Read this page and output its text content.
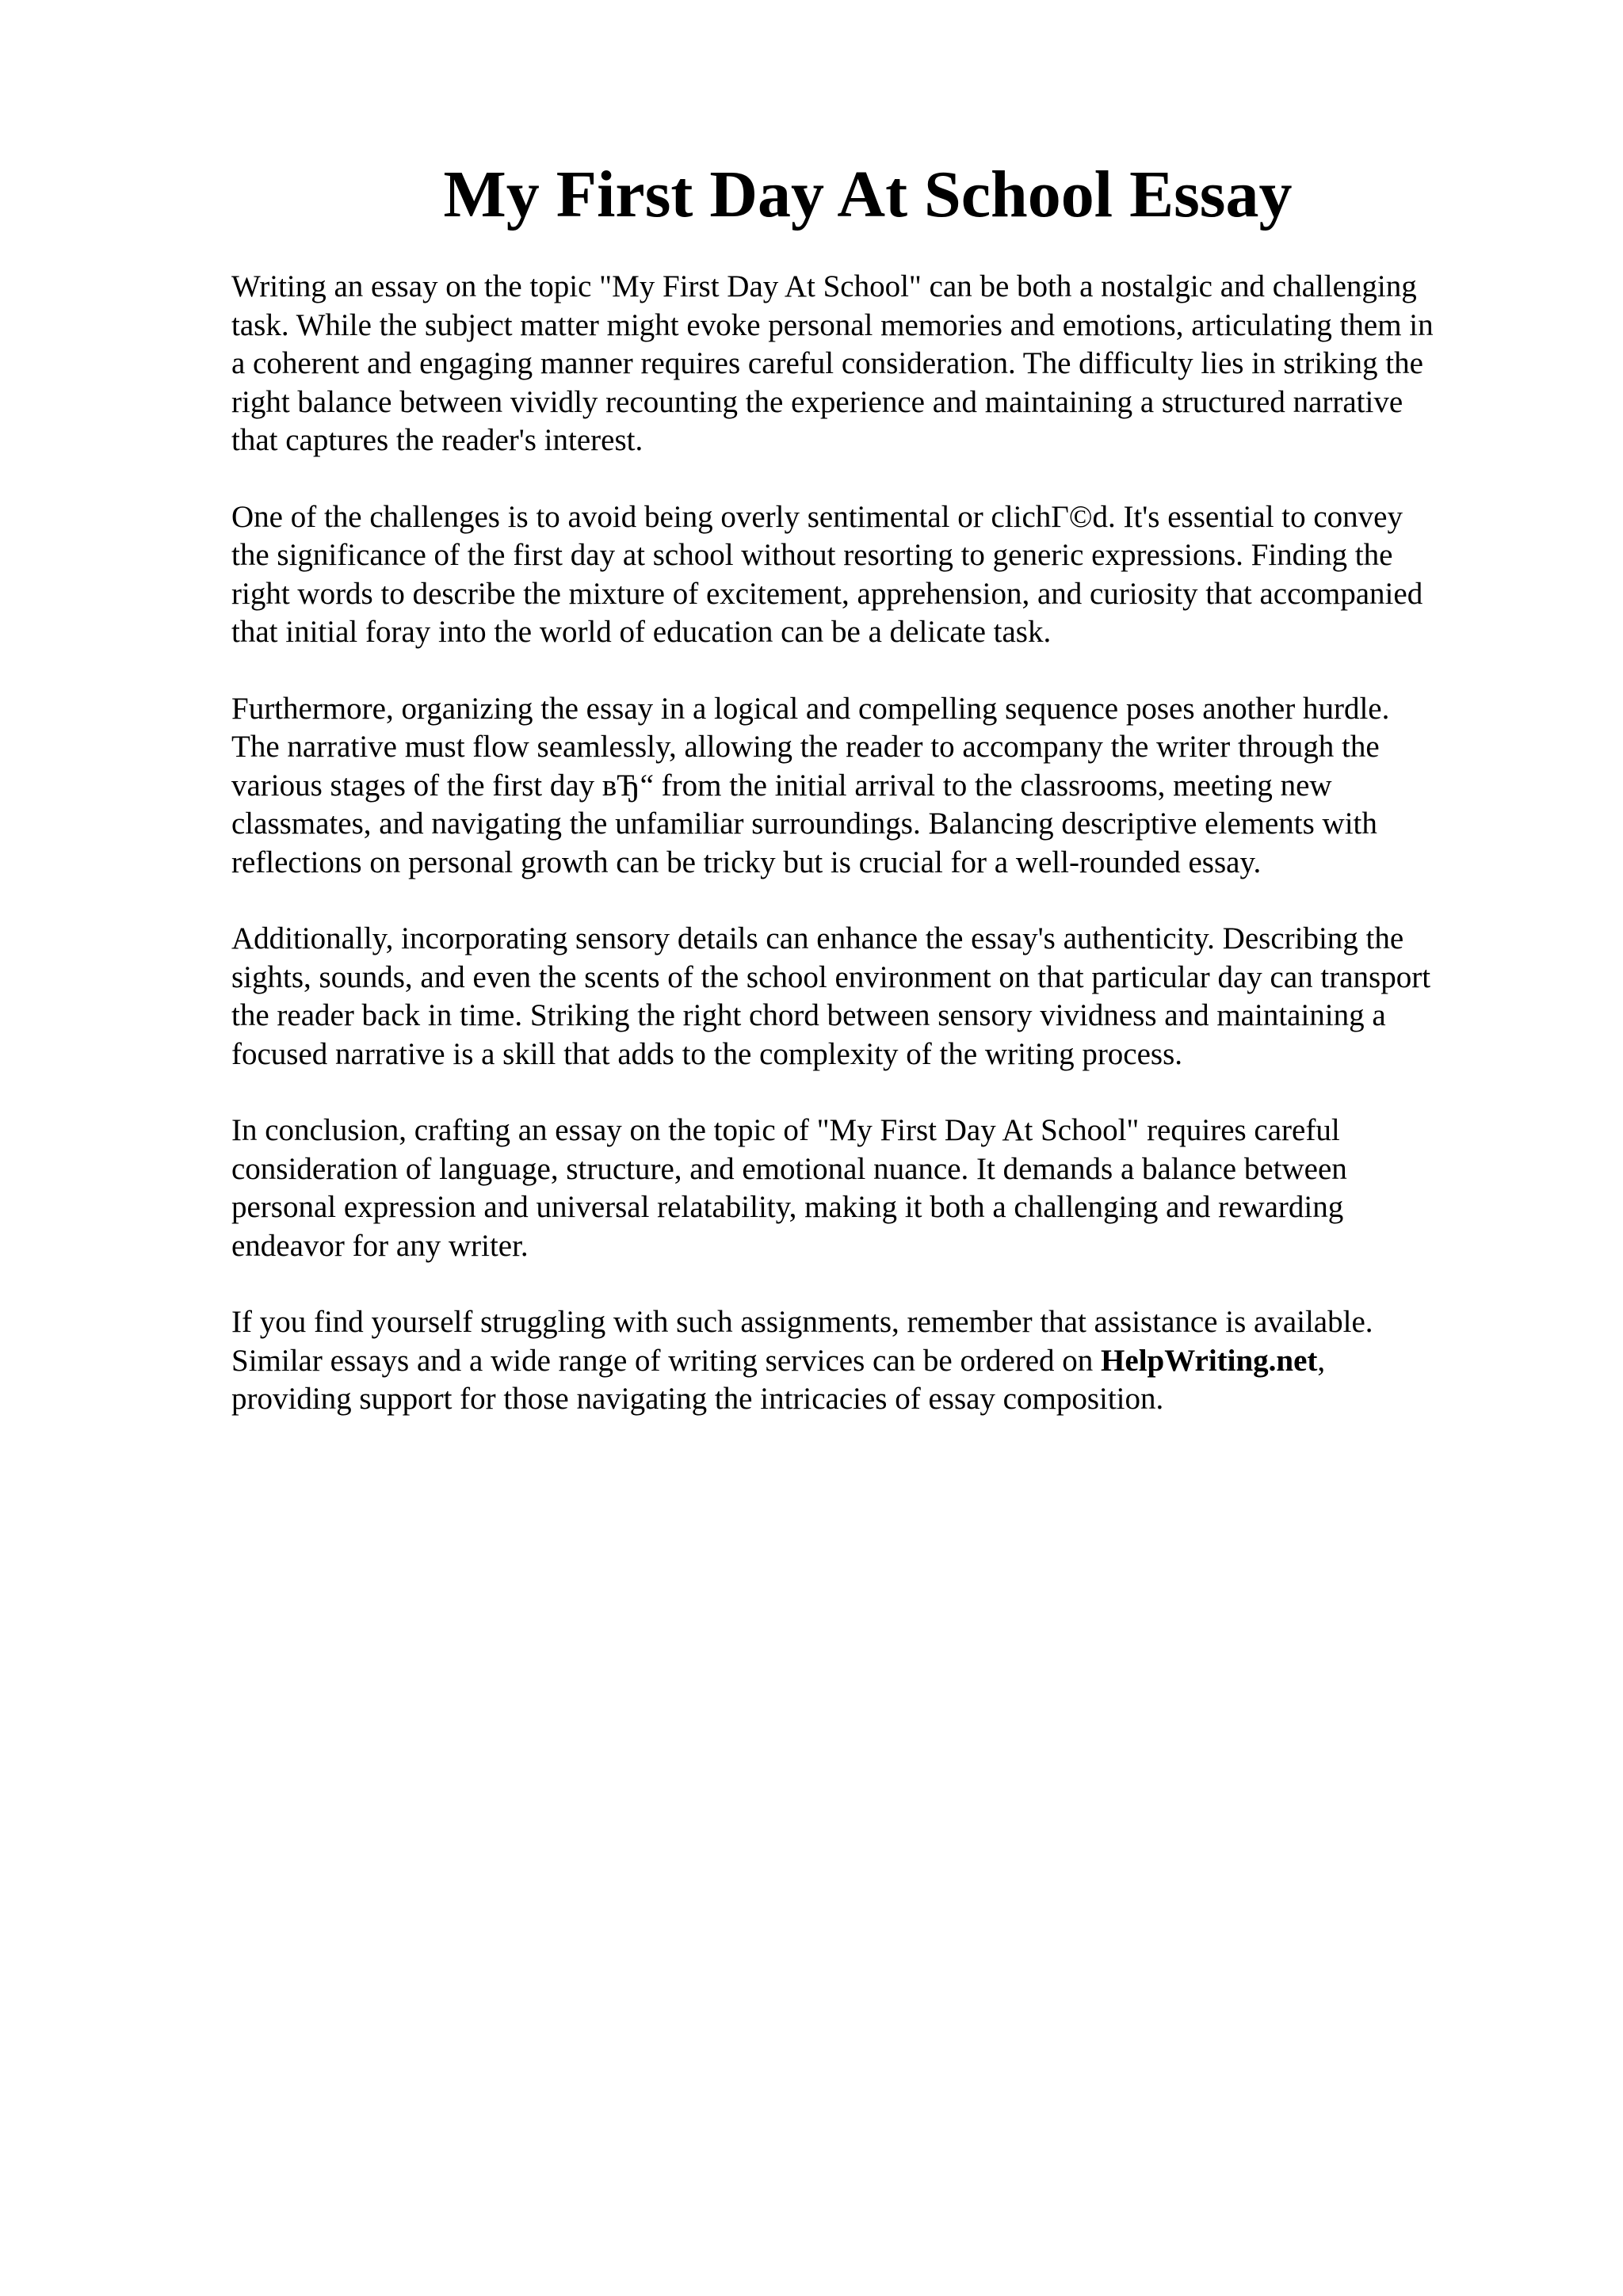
My First Day At School Essay

Writing an essay on the topic "My First Day At School" can be both a nostalgic and challenging
task. While the subject matter might evoke personal memories and emotions, articulating them in
a coherent and engaging manner requires careful consideration. The difficulty lies in striking the
right balance between vividly recounting the experience and maintaining a structured narrative
that captures the reader's interest.

One of the challenges is to avoid being overly sentimental or clichГ©d. It's essential to convey
the significance of the first day at school without resorting to generic expressions. Finding the
right words to describe the mixture of excitement, apprehension, and curiosity that accompanied
that initial foray into the world of education can be a delicate task.

Furthermore, organizing the essay in a logical and compelling sequence poses another hurdle.
The narrative must flow seamlessly, allowing the reader to accompany the writer through the
various stages of the first day вЂ“ from the initial arrival to the classrooms, meeting new
classmates, and navigating the unfamiliar surroundings. Balancing descriptive elements with
reflections on personal growth can be tricky but is crucial for a well-rounded essay.

Additionally, incorporating sensory details can enhance the essay's authenticity. Describing the
sights, sounds, and even the scents of the school environment on that particular day can transport
the reader back in time. Striking the right chord between sensory vividness and maintaining a
focused narrative is a skill that adds to the complexity of the writing process.

In conclusion, crafting an essay on the topic of "My First Day At School" requires careful
consideration of language, structure, and emotional nuance. It demands a balance between
personal expression and universal relatability, making it both a challenging and rewarding
endeavor for any writer.

If you find yourself struggling with such assignments, remember that assistance is available.
Similar essays and a wide range of writing services can be ordered on HelpWriting.net,
providing support for those navigating the intricacies of essay composition.
